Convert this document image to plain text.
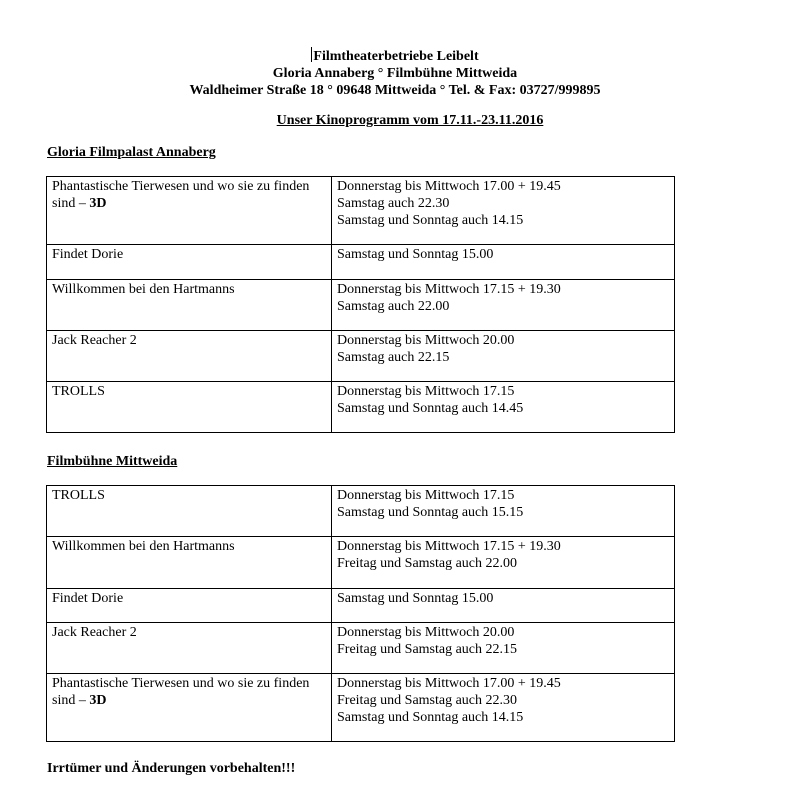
Filmtheaterbetriebe Leibelt
Gloria Annaberg ° Filmbühne Mittweida
Waldheimer Straße 18 ° 09648 Mittweida ° Tel. & Fax: 03727/999895
Unser Kinoprogramm vom 17.11.-23.11.2016
Gloria Filmpalast Annaberg
Phantastische Tierwesen und wo sie zu finden sind – 3D	Donnerstag bis Mittwoch 17.00 + 19.45
Samstag auch 22.30
Samstag und Sonntag auch 14.15

Findet Dorie	Samstag und Sonntag 15.00

Willkommen bei den Hartmanns	Donnerstag bis Mittwoch 17.15 + 19.30
Samstag auch 22.00

Jack Reacher 2	Donnerstag bis Mittwoch 20.00
Samstag auch 22.15

TROLLS	Donnerstag bis Mittwoch 17.15
Samstag und Sonntag auch 14.45
Filmbühne Mittweida
TROLLS	Donnerstag bis Mittwoch 17.15
Samstag und Sonntag auch 15.15

Willkommen bei den Hartmanns	Donnerstag bis Mittwoch 17.15 + 19.30
Freitag und Samstag auch 22.00

Findet Dorie	Samstag und Sonntag 15.00

Jack Reacher 2	Donnerstag bis Mittwoch 20.00
Freitag und Samstag auch 22.15

Phantastische Tierwesen und wo sie zu finden sind – 3D	Donnerstag bis Mittwoch 17.00 + 19.45
Freitag und Samstag auch 22.30
Samstag und Sonntag auch 14.15
Irrtümer und Änderungen vorbehalten!!!
